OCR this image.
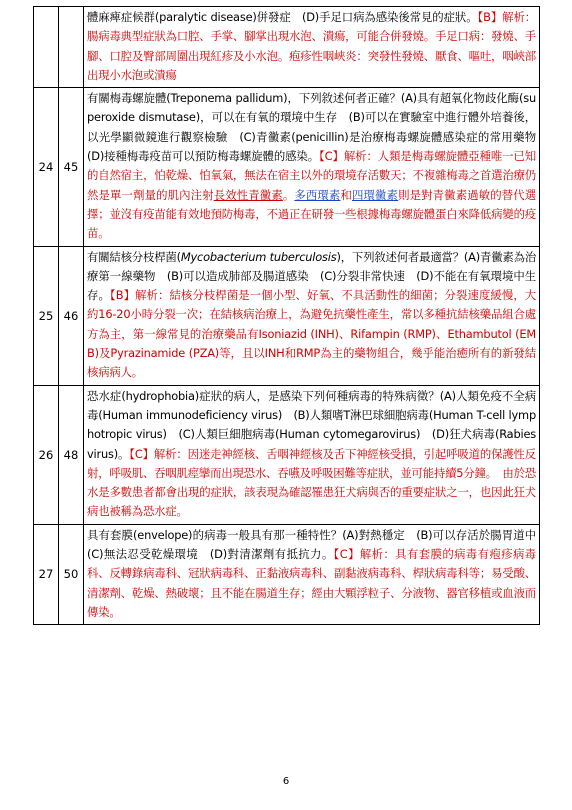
		體麻痺症候群(paralytic disease)併發症　(D)手足口病為感染後常見的症狀。【B】解析：腸病毒典型症狀為口腔、手掌、腳掌出現水泡、潰瘍，可能合併發燒。手足口病：發燒、手腳、口腔及臀部周圍出現紅疹及小水泡。疱疹性咽峽炎：突發性發燒、厭食、嘔吐，咽峽部出現小水泡或潰瘍
24	45	有關梅毒螺旋體(Treponema pallidum)，下列敘述何者正確？(A)具有超氧化物歧化酶(superoxide dismutase)，可以在有氧的環境中生存　(B)可以在實驗室中進行體外培養後，以光學顯微鏡進行觀察檢驗　(C)青黴素(penicillin)是治療梅毒螺旋體感染症的常用藥物　(D)接種梅毒疫苗可以預防梅毒螺旋體的感染。【C】解析：人類是梅毒螺旋體亞種唯一已知的自然宿主，怕乾燥、怕氧氣，無法在宿主以外的環境存活數天；不複雜梅毒之首選治療仍然是單一劑量的肌內注射長效性青黴素。多西環素和四環黴素則是對青黴素過敏的替代選擇；並沒有疫苗能有效地預防梅毒，不過正在研發一些根據梅毒螺旋體蛋白來降低病變的疫苗。
25	46	有關結核分枝桿菌(Mycobacterium tuberculosis)，下列敘述何者最適當？(A)青黴素為治療第一線藥物　(B)可以造成肺部及腸道感染　(C)分裂非常快速　(D)不能在有氧環境中生存。【B】解析：結核分枝桿菌是一個小型、好氧、不具活動性的細菌；分裂速度緩慢，大約16-20小時分裂一次；在結核病治療上，為避免抗藥性產生，常以多種抗結核藥品組合處方為主，第一線常見的治療藥品有Isoniazid (INH)、Rifampin (RMP)、Ethambutol (EMB)及Pyrazinamide (PZA)等，且以INH和RMP為主的藥物組合，幾乎能治癒所有的新發結核病病人。
26	48	恐水症(hydrophobia)症狀的病人，是感染下列何種病毒的特殊病徵？(A)人類免疫不全病毒(Human immunodeficiency virus)　(B)人類嗜T淋巴球細胞病毒(Human T-cell lymphotropic virus)　(C)人類巨細胞病毒(Human cytomegarovirus)　(D)狂犬病毒(Rabies virus)。【C】解析：因迷走神經核、舌咽神經核及舌下神經核受損，引起呼吸道的保護性反射，呼吸肌、吞咽肌痙攣而出現恐水、吞嚥及呼吸困難等症狀，並可能持續5分鐘。　由於恐水是多數患者都會出現的症狀，該表現為確認罹患狂犬病與否的重要症狀之一，也因此狂犬病也被稱為恐水症。
27	50	具有套膜(envelope)的病毒一般具有那一種特性？(A)對熱穩定　(B)可以存活於腸胃道中　(C)無法忍受乾燥環境　(D)對清潔劑有抵抗力。【C】解析：具有套膜的病毒有疱疹病毒科、反轉錄病毒科、冠狀病毒科、正黏液病毒科、副黏液病毒科、桿狀病毒科等；易受酸、清潔劑、乾燥、熱破壞；且不能在腸道生存；經由大顆浮粒子、分液物、器官移植或血液而傳染。
6
